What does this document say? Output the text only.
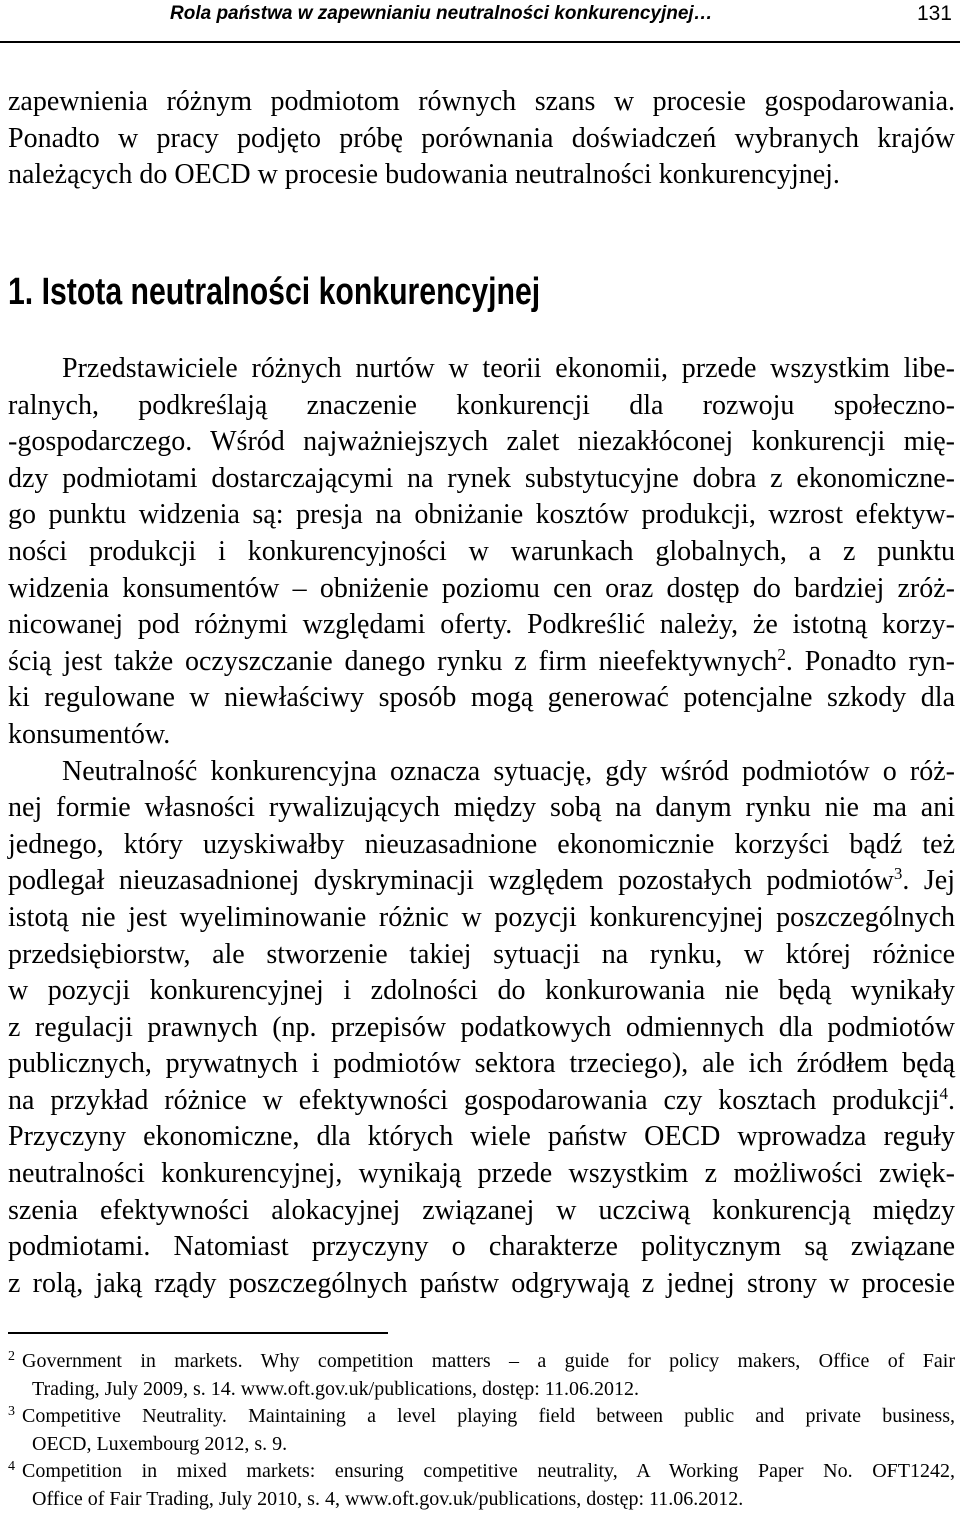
Rola państwa w zapewnianiu neutralności konkurencyjnej…	131
zapewnienia różnym podmiotom równych szans w procesie gospodarowania.
Ponadto w pracy podjęto próbę porównania doświadczeń wybranych krajów
należących do OECD w procesie budowania neutralności konkurencyjnej.
1. Istota neutralności konkurencyjnej
Przedstawiciele różnych nurtów w teorii ekonomii, przede wszystkim libe-
ralnych, podkreślają znaczenie konkurencji dla rozwoju społeczno-
-gospodarczego. Wśród najważniejszych zalet niezakłóconej konkurencji mię-
dzy podmiotami dostarczającymi na rynek substytucyjne dobra z ekonomiczne-
go punktu widzenia są: presja na obniżanie kosztów produkcji, wzrost efektyw-
ności produkcji i konkurencyjności w warunkach globalnych, a z punktu
widzenia konsumentów – obniżenie poziomu cen oraz dostęp do bardziej zróż-
nicowanej pod różnymi względami oferty. Podkreślić należy, że istotną korzy-
ścią jest także oczyszczanie danego rynku z firm nieefektywnych$^2$. Ponadto ryn-
ki regulowane w niewłaściwy sposób mogą generować potencjalne szkody dla
konsumentów.
Neutralność konkurencyjna oznacza sytuację, gdy wśród podmiotów o róż-
nej formie własności rywalizujących między sobą na danym rynku nie ma ani
jednego, który uzyskiwałby nieuzasadnione ekonomicznie korzyści bądź też
podlegał nieuzasadnionej dyskryminacji względem pozostałych podmiotów$^3$. Jej
istotą nie jest wyeliminowanie różnic w pozycji konkurencyjnej poszczególnych
przedsiębiorstw, ale stworzenie takiej sytuacji na rynku, w której różnice
w pozycji konkurencyjnej i zdolności do konkurowania nie będą wynikały
z regulacji prawnych (np. przepisów podatkowych odmiennych dla podmiotów
publicznych, prywatnych i podmiotów sektora trzeciego), ale ich źródłem będą
na przykład różnice w efektywności gospodarowania czy kosztach produkcji$^4$.
Przyczyny ekonomiczne, dla których wiele państw OECD wprowadza reguły
neutralności konkurencyjnej, wynikają przede wszystkim z możliwości zwięk-
szenia efektywności alokacyjnej związanej w uczciwą konkurencją między
podmiotami. Natomiast przyczyny o charakterze politycznym są związane
z rolą, jaką rządy poszczególnych państw odgrywają z jednej strony w procesie
2 Government in markets. Why competition matters – a guide for policy makers, Office of Fair
Trading, July 2009, s. 14. www.oft.gov.uk/publications, dostęp: 11.06.2012.
3 Competitive Neutrality. Maintaining a level playing field between public and private business,
OECD, Luxembourg 2012, s. 9.
4 Competition in mixed markets: ensuring competitive neutrality, A Working Paper No. OFT1242,
Office of Fair Trading, July 2010, s. 4, www.oft.gov.uk/publications, dostęp: 11.06.2012.
